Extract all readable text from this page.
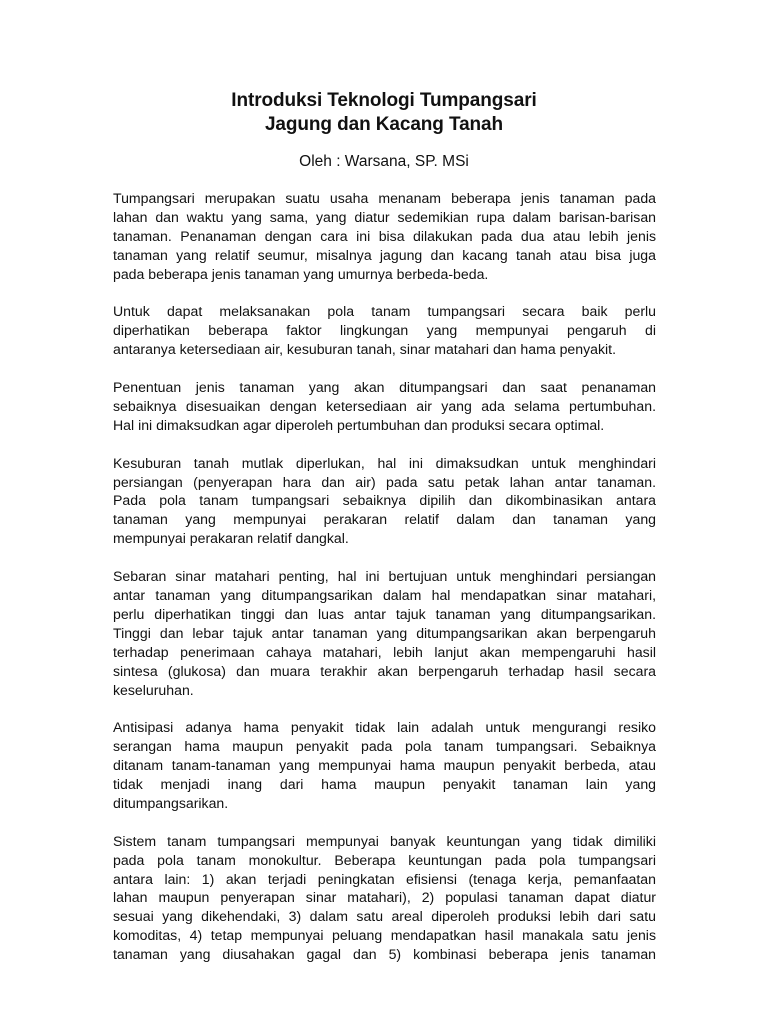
Introduksi Teknologi Tumpangsari
Jagung dan Kacang Tanah
Oleh : Warsana, SP. MSi
Tumpangsari merupakan suatu usaha menanam beberapa jenis tanaman pada
lahan dan waktu yang sama, yang diatur sedemikian rupa dalam barisan-barisan
tanaman. Penanaman dengan cara ini bisa dilakukan pada dua atau lebih jenis
tanaman yang relatif seumur, misalnya jagung dan kacang tanah atau bisa juga
pada beberapa jenis tanaman yang umurnya berbeda-beda.
Untuk dapat melaksanakan pola tanam tumpangsari secara baik perlu
diperhatikan beberapa faktor lingkungan yang mempunyai pengaruh di
antaranya ketersediaan air, kesuburan tanah, sinar matahari dan hama penyakit.
Penentuan jenis tanaman yang akan ditumpangsari dan saat penanaman
sebaiknya disesuaikan dengan ketersediaan air yang ada selama pertumbuhan.
Hal ini dimaksudkan agar diperoleh pertumbuhan dan produksi secara optimal.
Kesuburan tanah mutlak diperlukan, hal ini dimaksudkan untuk menghindari
persiangan (penyerapan hara dan air) pada satu petak lahan antar tanaman.
Pada pola tanam tumpangsari sebaiknya dipilih dan dikombinasikan antara
tanaman yang mempunyai perakaran relatif dalam dan tanaman yang
mempunyai perakaran relatif dangkal.
Sebaran sinar matahari penting, hal ini bertujuan untuk menghindari persiangan
antar tanaman yang ditumpangsarikan dalam hal mendapatkan sinar matahari,
perlu diperhatikan tinggi dan luas antar tajuk tanaman yang ditumpangsarikan.
Tinggi dan lebar tajuk antar tanaman yang ditumpangsarikan akan berpengaruh
terhadap penerimaan cahaya matahari, lebih lanjut akan mempengaruhi hasil
sintesa (glukosa) dan muara terakhir akan berpengaruh terhadap hasil secara
keseluruhan.
Antisipasi adanya hama penyakit tidak lain adalah untuk mengurangi resiko
serangan hama maupun penyakit pada pola tanam tumpangsari. Sebaiknya
ditanam tanam-tanaman yang mempunyai hama maupun penyakit berbeda, atau
tidak menjadi inang dari hama maupun penyakit tanaman lain yang
ditumpangsarikan.
Sistem tanam tumpangsari mempunyai banyak keuntungan yang tidak dimiliki
pada pola tanam monokultur. Beberapa keuntungan pada pola tumpangsari
antara lain: 1) akan terjadi peningkatan efisiensi (tenaga kerja, pemanfaatan
lahan maupun penyerapan sinar matahari), 2) populasi tanaman dapat diatur
sesuai yang dikehendaki, 3) dalam satu areal diperoleh produksi lebih dari satu
komoditas, 4) tetap mempunyai peluang mendapatkan hasil manakala satu jenis
tanaman yang diusahakan gagal dan 5) kombinasi beberapa jenis tanaman
